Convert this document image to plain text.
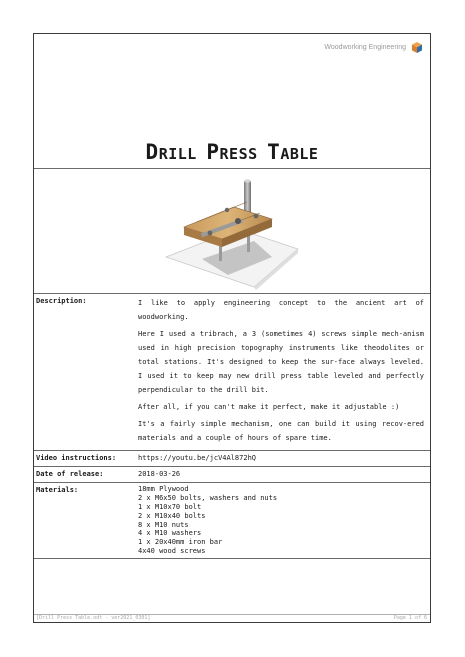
Woodworking Engineering
DRILL PRESS TABLE
Description:	I like to apply engineering concept to the ancient art of woodworking.

Here I used a tribrach, a 3 (sometimes 4) screws simple mech-anism used in high precision topography instruments like theodolites or total stations. It's designed to keep the sur-face always leveled. I used it to keep may new drill press table leveled and perfectly perpendicular to the drill bit.

After all, if you can't make it perfect, make it adjustable :)

It's a fairly simple mechanism, one can build it using recov-ered materials and a couple of hours of spare time.

Video instructions:	https://youtu.be/jcV4Al872hQ
Date of release:	2018-03-26
Materials:	18mm Plywood
2 x M6x50 bolts, washers and nuts
1 x M10x70 bolt
2 x M10x40 bolts
8 x M10 nuts
4 x M10 washers
1 x 20x40mm iron bar
4x40 wood screws
[Drill Press Table.odt - ver2021_0301]	Page 1 of 6
